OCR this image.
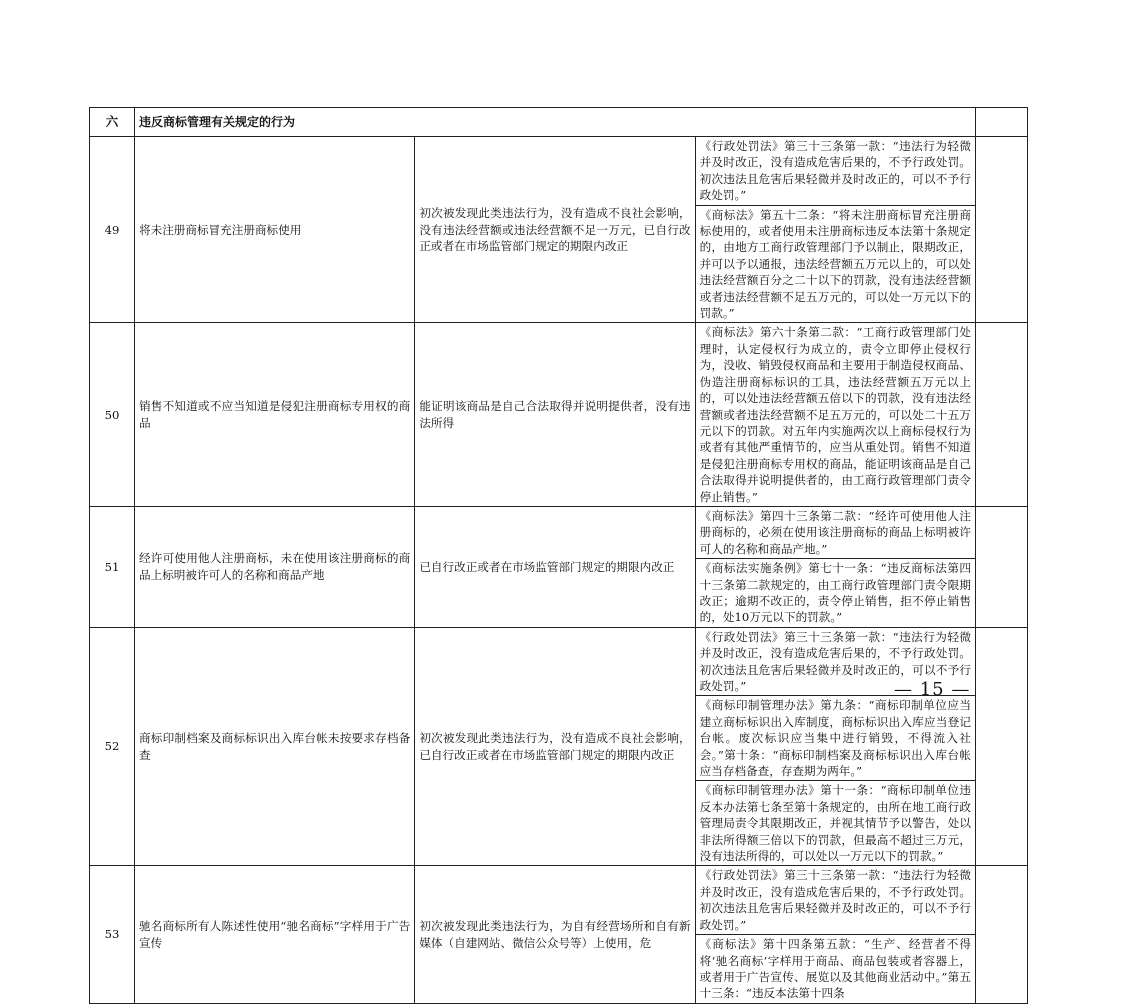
六	违反商标管理有关规定的行为			
49	将未注册商标冒充注册商标使用	初次被发现此类违法行为，没有造成不良社会影响，没有违法经营额或违法经营额不足一万元，已自行改正或者在市场监管部门规定的期限内改正	《行政处罚法》第三十三条第一款：“违法行为轻微并及时改正，没有造成危害后果的，不予行政处罚。初次违法且危害后果轻微并及时改正的，可以不予行政处罚。”	
			《商标法》第五十二条：“将未注册商标冒充注册商标使用的，或者使用未注册商标违反本法第十条规定的，由地方工商行政管理部门予以制止，限期改正，并可以予以通报，违法经营额五万元以上的，可以处违法经营额百分之二十以下的罚款，没有违法经营额或者违法经营额不足五万元的，可以处一万元以下的罚款。”	
50	销售不知道或不应当知道是侵犯注册商标专用权的商品	能证明该商品是自己合法取得并说明提供者，没有违法所得	《商标法》第六十条第二款：“工商行政管理部门处理时，认定侵权行为成立的，责令立即停止侵权行为，没收、销毁侵权商品和主要用于制造侵权商品、伪造注册商标标识的工具，违法经营额五万元以上的，可以处违法经营额五倍以下的罚款，没有违法经营额或者违法经营额不足五万元的，可以处二十五万元以下的罚款。对五年内实施两次以上商标侵权行为或者有其他严重情节的，应当从重处罚。销售不知道是侵犯注册商标专用权的商品，能证明该商品是自己合法取得并说明提供者的，由工商行政管理部门责令停止销售。”	
51	经许可使用他人注册商标，未在使用该注册商标的商品上标明被许可人的名称和商品产地	已自行改正或者在市场监管部门规定的期限内改正	《商标法》第四十三条第二款：“经许可使用他人注册商标的，必须在使用该注册商标的商品上标明被许可人的名称和商品产地。”	
			《商标法实施条例》第七十一条：“违反商标法第四十三条第二款规定的，由工商行政管理部门责令限期改正；逾期不改正的，责令停止销售，拒不停止销售的，处10万元以下的罚款。”	
52	商标印制档案及商标标识出入库台帐未按要求存档备查	初次被发现此类违法行为，没有造成不良社会影响，已自行改正或者在市场监管部门规定的期限内改正	《行政处罚法》第三十三条第一款：“违法行为轻微并及时改正，没有造成危害后果的，不予行政处罚。初次违法且危害后果轻微并及时改正的，可以不予行政处罚。”	
			《商标印制管理办法》第九条：“商标印制单位应当建立商标标识出入库制度，商标标识出入库应当登记台帐。废次标识应当集中进行销毁，不得流入社会。”第十条：“商标印制档案及商标标识出入库台帐应当存档备查，存查期为两年。”	
			《商标印制管理办法》第十一条：“商标印制单位违反本办法第七条至第十条规定的，由所在地工商行政管理局责令其限期改正，并视其情节予以警告，处以非法所得额三倍以下的罚款，但最高不超过三万元，没有违法所得的，可以处以一万元以下的罚款。”	
53	驰名商标所有人陈述性使用“驰名商标”字样用于广告宣传	初次被发现此类违法行为，为自有经营场所和自有新媒体（自建网站、微信公众号等）上使用，危	《行政处罚法》第三十三条第一款：“违法行为轻微并及时改正，没有造成危害后果的，不予行政处罚。初次违法且危害后果轻微并及时改正的，可以不予行政处罚。”	
			《商标法》第十四条第五款：“生产、经营者不得将‘驰名商标’字样用于商品、商品包装或者容器上，或者用于广告宣传、展览以及其他商业活动中。”第五十三条：“违反本法第十四条	
— 15 —
